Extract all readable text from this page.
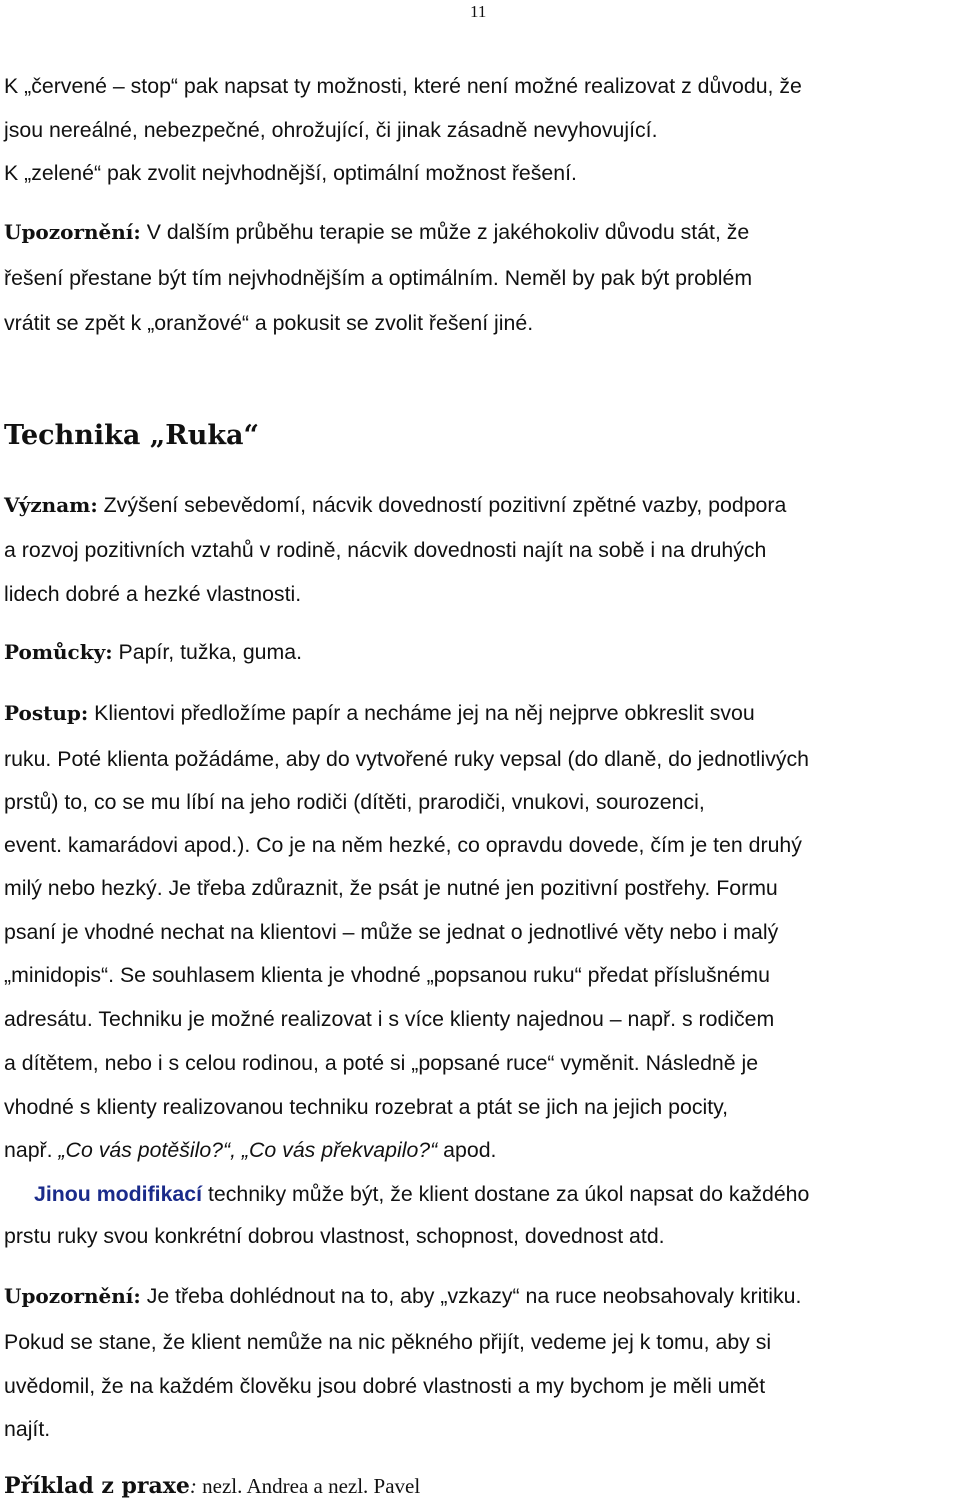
11
K „červené – stop“ pak napsat ty možnosti, které není možné realizovat z důvodu, že
jsou nereálné, nebezpečné, ohrožující, či jinak zásadně nevyhovující.
K „zelené“ pak zvolit nejvhodnější, optimální možnost řešení.
Upozornění: V dalším průběhu terapie se může z jakéhokoliv důvodu stát, že
řešení přestane být tím nejvhodnějším a optimálním. Neměl by pak být problém
vrátit se zpět k „oranžové“ a pokusit se zvolit řešení jiné.
Technika „Ruka“
Význam: Zvýšení sebevědomí, nácvik dovedností pozitivní zpětné vazby, podpora
a rozvoj pozitivních vztahů v rodině, nácvik dovednosti najít na sobě i na druhých
lidech dobré a hezké vlastnosti.
Pomůcky: Papír, tužka, guma.
Postup: Klientovi předložíme papír a necháme jej na něj nejprve obkreslit svou
ruku. Poté klienta požádáme, aby do vytvořené ruky vepsal (do dlaně, do jednotlivých
prstů) to, co se mu líbí na jeho rodiči (dítěti, prarodiči, vnukovi, sourozenci,
event. kamarádovi apod.). Co je na něm hezké, co opravdu dovede, čím je ten druhý
milý nebo hezký. Je třeba zdůraznit, že psát je nutné jen pozitivní postřehy. Formu
psaní je vhodné nechat na klientovi – může se jednat o jednotlivé věty nebo i malý
„minidopis“. Se souhlasem klienta je vhodné „popsanou ruku“ předat příslušnému
adresátu. Techniku je možné realizovat i s více klienty najednou – např. s rodičem
a dítětem, nebo i s celou rodinou, a poté si „popsané ruce“ vyměnit. Následně je
vhodné s klienty realizovanou techniku rozebrat a ptát se jich na jejich pocity,
např. „Co vás potěšilo?“, „Co vás překvapilo?“ apod.
Jinou modifikací techniky může být, že klient dostane za úkol napsat do každého
prstu ruky svou konkrétní dobrou vlastnost, schopnost, dovednost atd.
Upozornění: Je třeba dohlédnout na to, aby „vzkazy“ na ruce neobsahovaly kritiku.
Pokud se stane, že klient nemůže na nic pěkného přijít, vedeme jej k tomu, aby si
uvědomil, že na každém člověku jsou dobré vlastnosti a my bychom je měli umět
najít.
Příklad z praxe: nezl. Andrea a nezl. Pavel
